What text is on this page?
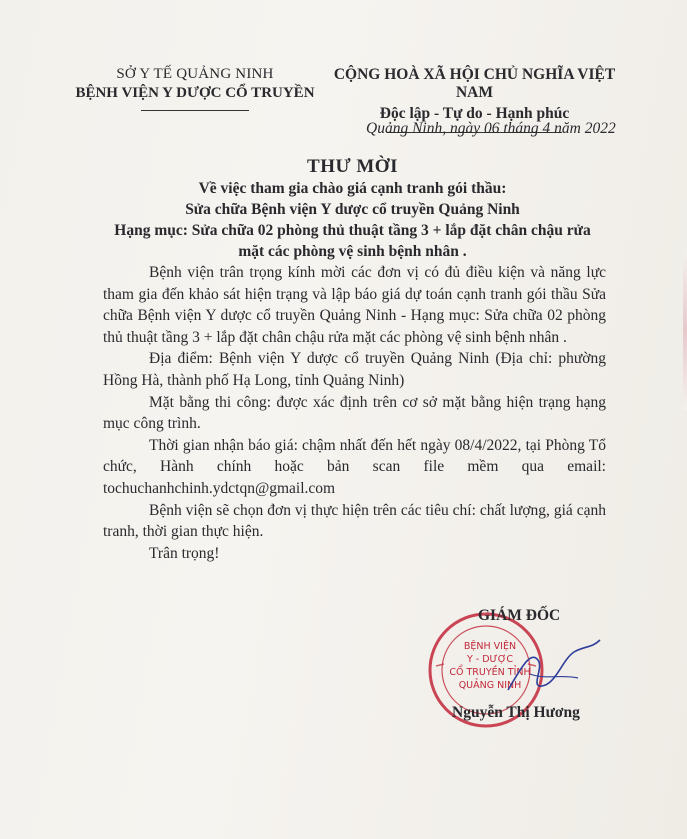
SỞ Y TẾ QUẢNG NINH
BỆNH VIỆN Y DƯỢC CỔ TRUYỀN
CỘNG HOÀ XÃ HỘI CHỦ NGHĨA VIỆT NAM
Độc lập - Tự do - Hạnh phúc
Quảng Ninh, ngày 06 tháng 4 năm 2022
THƯ MỜI
Về việc tham gia chào giá cạnh tranh gói thầu:
Sửa chữa Bệnh viện Y dược cổ truyền Quảng Ninh
Hạng mục: Sửa chữa 02 phòng thủ thuật tầng 3 + lắp đặt chân chậu rửa
mặt các phòng vệ sinh bệnh nhân .

Bệnh viện trân trọng kính mời các đơn vị có đủ điều kiện và năng lực tham gia đến khảo sát hiện trạng và lập báo giá dự toán cạnh tranh gói thầu Sửa chữa Bệnh viện Y dược cổ truyền Quảng Ninh - Hạng mục: Sửa chữa 02 phòng thủ thuật tầng 3 + lắp đặt chân chậu rửa mặt các phòng vệ sinh bệnh nhân .

Địa điểm: Bệnh viện Y dược cổ truyền Quảng Ninh (Địa chỉ: phường Hồng Hà, thành phố Hạ Long, tỉnh Quảng Ninh)

Mặt bằng thi công: được xác định trên cơ sở mặt bằng hiện trạng hạng mục công trình.

Thời gian nhận báo giá: chậm nhất đến hết ngày 08/4/2022, tại Phòng Tổ chức, Hành chính hoặc bản scan file mềm qua email:

tochuchanhchinh.ydctqn@gmail.com

Bệnh viện sẽ chọn đơn vị thực hiện trên các tiêu chí: chất lượng, giá cạnh tranh, thời gian thực hiện.

Trân trọng!

BỆNH VIỆN
Y - DƯỢC
CỔ TRUYỀN TỈNH
QUẢNG NINH
GIÁM ĐỐC
Nguyễn Thị Hương
